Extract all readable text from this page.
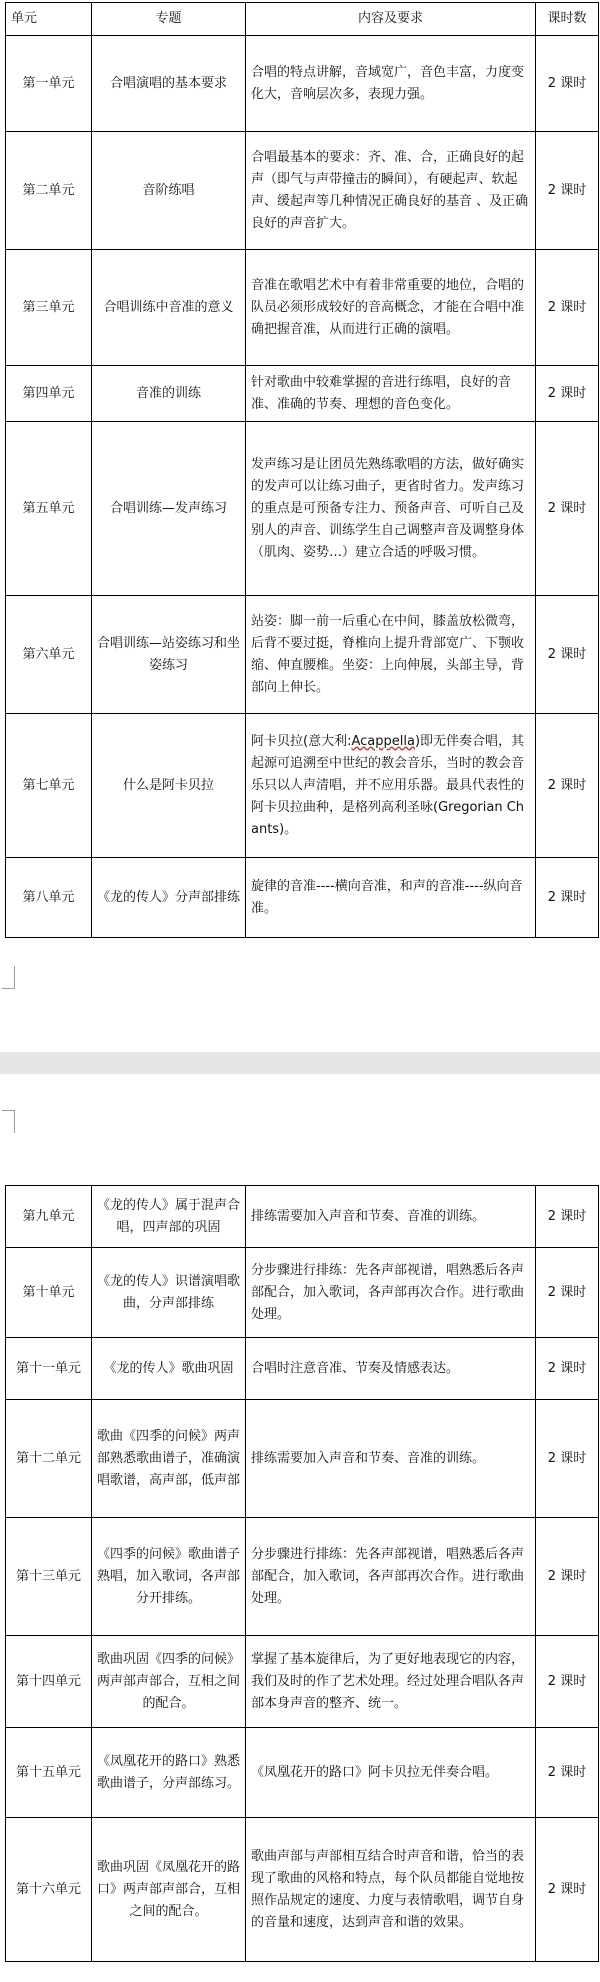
单元	专题	内容及要求	课时数
第一单元	合唱演唱的基本要求	合唱的特点讲解，音域宽广，音色丰富，力度变化大，音响层次多，表现力强。	2 课时
第二单元	音阶练唱	合唱最基本的要求：齐、准、合，正确良好的起声（即气与声带撞击的瞬间），有硬起声、软起声、缓起声等几种情况正确良好的基音 、及正确良好的声音扩大。	2 课时
第三单元	合唱训练中音准的意义	音准在歌唱艺术中有着非常重要的地位，合唱的队员必须形成较好的音高概念，才能在合唱中准确把握音准，从而进行正确的演唱。	2 课时
第四单元	音准的训练	针对歌曲中较难掌握的音进行练唱，良好的音准、准确的节奏、理想的音色变化。	2 课时
第五单元	合唱训练—发声练习	发声练习是让团员先熟练歌唱的方法，做好确实的发声可以让练习曲子，更省时省力。发声练习的重点是可预备专注力、预备声音、可听自己及别人的声音、训练学生自己调整声音及调整身体（肌肉、姿势…）建立合适的呼吸习惯。	2 课时
第六单元	合唱训练—站姿练习和坐姿练习	站姿：脚一前一后重心在中间，膝盖放松微弯，后背不要过挺，脊椎向上提升背部宽广、下颚收缩、伸直腰椎。坐姿：上向伸展，头部主导，背部向上伸长。	2 课时
第七单元	什么是阿卡贝拉	阿卡贝拉(意大利:Acappella)即无伴奏合唱，其起源可追溯至中世纪的教会音乐，当时的教会音乐只以人声清唱，并不应用乐器。最具代表性的阿卡贝拉曲种，是格列高利圣咏(Gregorian Chants)。	2 课时
第八单元	《龙的传人》分声部排练	旋律的音准----横向音准，和声的音准----纵向音准。	2 课时
第九单元	《龙的传人》属于混声合唱，四声部的巩固	排练需要加入声音和节奏、音准的训练。	2 课时
第十单元	《龙的传人》识谱演唱歌曲，分声部排练	分步骤进行排练：先各声部视谱，唱熟悉后各声部配合，加入歌词，各声部再次合作。进行歌曲处理。	2 课时
第十一单元	《龙的传人》歌曲巩固	合唱时注意音准、节奏及情感表达。	2 课时
第十二单元	歌曲《四季的问候》两声部熟悉歌曲谱子，准确演唱歌谱，高声部，低声部	排练需要加入声音和节奏、音准的训练。	2 课时
第十三单元	《四季的问候》歌曲谱子熟唱，加入歌词，各声部分开排练。	分步骤进行排练：先各声部视谱，唱熟悉后各声部配合，加入歌词，各声部再次合作。进行歌曲处理。	2 课时
第十四单元	歌曲巩固《四季的问候》两声部声部合，互相之间的配合。	掌握了基本旋律后，为了更好地表现它的内容，我们及时的作了艺术处理。经过处理合唱队各声部本身声音的整齐、统一。	2 课时
第十五单元	《凤凰花开的路口》熟悉歌曲谱子，分声部练习。	《凤凰花开的路口》阿卡贝拉无伴奏合唱。	2 课时
第十六单元	歌曲巩固《凤凰花开的路口》两声部声部合，互相之间的配合。	歌曲声部与声部相互结合时声音和谐，恰当的表现了歌曲的风格和特点，每个队员都能自觉地按照作品规定的速度、力度与表情歌唱，调节自身的音量和速度，达到声音和谐的效果。	2 课时
